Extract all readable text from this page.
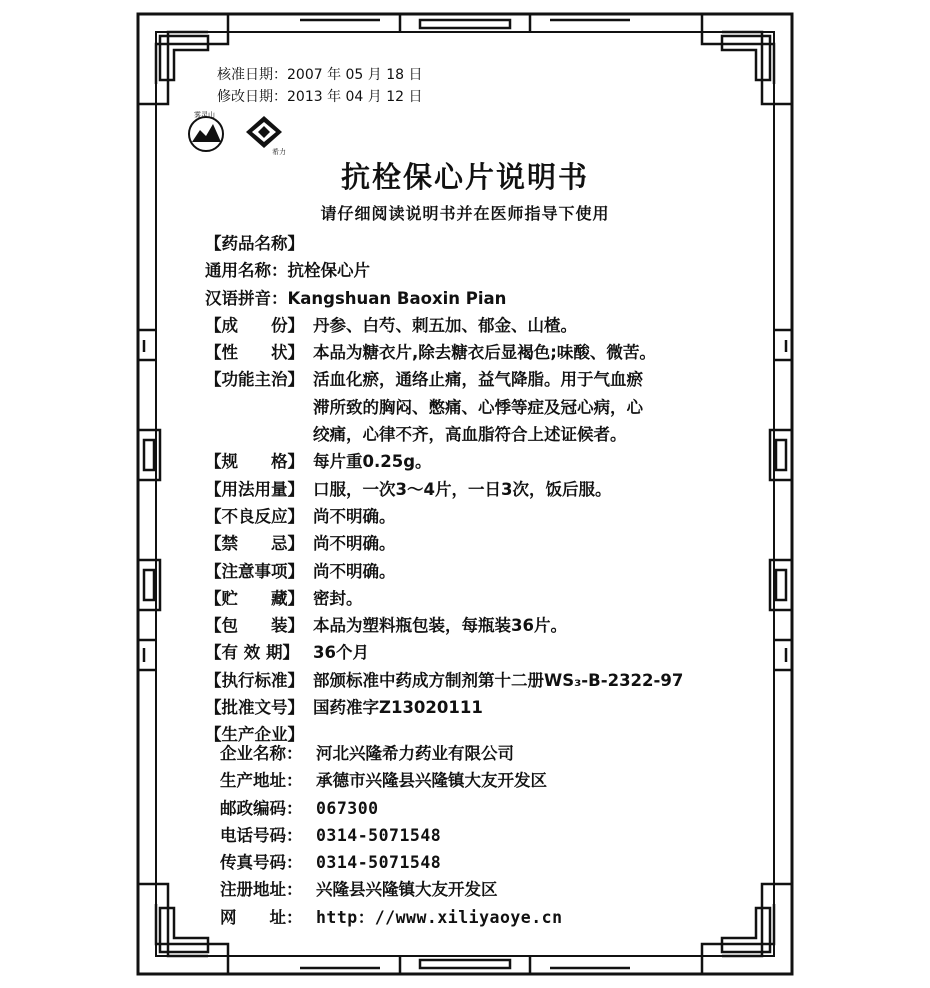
核准日期：2007 年 05 月 18 日
修改日期：2013 年 04 月 12 日
雾灵山
希力
抗栓保心片说明书
请仔细阅读说明书并在医师指导下使用
【药品名称】
通用名称：抗栓保心片
汉语拼音：Kangshuan Baoxin Pian
【成　　份】 丹参、白芍、刺五加、郁金、山楂。
【性　　状】 本品为糖衣片,除去糖衣后显褐色;味酸、微苦。
【功能主治】 活血化瘀，通络止痛，益气降脂。用于气血瘀
滞所致的胸闷、憋痛、心悸等症及冠心病，心
绞痛，心律不齐，高血脂符合上述证候者。
【规　　格】 每片重0.25g。
【用法用量】 口服，一次3～4片，一日3次，饭后服。
【不良反应】 尚不明确。
【禁　　忌】 尚不明确。
【注意事项】 尚不明确。
【贮　　藏】 密封。
【包　　装】 本品为塑料瓶包装，每瓶装36片。
【有 效 期】 36个月
【执行标准】 部颁标准中药成方制剂第十二册WS₃-B-2322-97
【批准文号】 国药准字Z13020111
【生产企业】
企业名称： 河北兴隆希力药业有限公司
生产地址： 承德市兴隆县兴隆镇大友开发区
邮政编码： 067300
电话号码： 0314-5071548
传真号码： 0314-5071548
注册地址： 兴隆县兴隆镇大友开发区
网　　址： http：//www.xiliyaoye.cn
